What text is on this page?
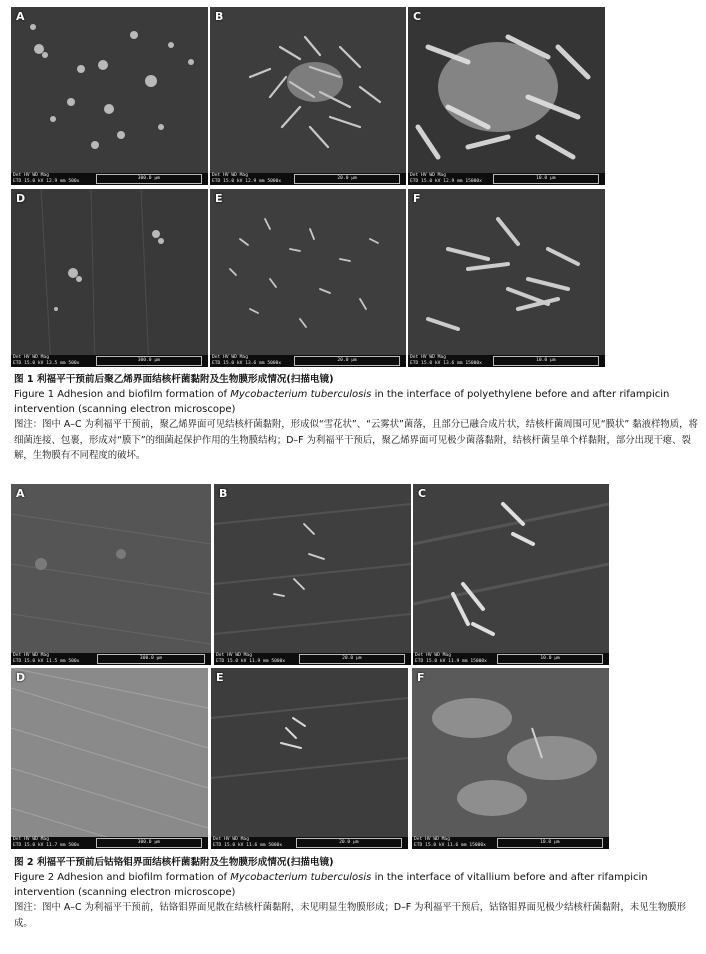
A
Det HV WD Mag
ETD 15.0 kV 12.9 mm 500x
300.0 μm
B
Det HV WD Mag
ETD 15.0 kV 12.9 mm 5000x
20.0 μm
C
Det HV WD Mag
ETD 15.0 kV 12.9 mm 15000x
10.0 μm
D
Det HV WD Mag
ETD 15.0 kV 13.5 mm 500x
300.0 μm
E
Det HV WD Mag
ETD 15.0 kV 13.6 mm 5000x
20.0 μm
F
Det HV WD Mag
ETD 15.0 kV 13.6 mm 15000x
10.0 μm
图 1 利福平干预前后聚乙烯界面结核杆菌黏附及生物膜形成情况(扫描电镜)
Figure 1 Adhesion and biofilm formation of Mycobacterium tuberculosis in the interface of polyethylene before and after rifampicin intervention (scanning electron microscope)
图注：图中 A–C 为利福平干预前，聚乙烯界面可见结核杆菌黏附，形成似“雪花状”、“云雾状”菌落，且部分已融合成片状，结核杆菌周围可见“膜状” 黏液样物质，将细菌连接、包裹，形成对“膜下”的细菌起保护作用的生物膜结构；D–F 为利福平干预后，聚乙烯界面可见极少菌落黏附，结核杆菌呈单个样黏附，部分出现干瘪、裂解，生物膜有不同程度的破坏。
A
Det HV WD Mag
ETD 15.0 kV 11.5 mm 500x
300.0 μm
B
Det HV WD Mag
ETD 15.0 kV 11.9 mm 5000x
20.0 μm
C
Det HV WD Mag
ETD 15.0 kV 11.9 mm 15000x
10.0 μm
D
Det HV WD Mag
ETD 15.0 kV 11.7 mm 500x
300.0 μm
E
Det HV WD Mag
ETD 15.0 kV 11.6 mm 5000x
20.0 μm
F
Det HV WD Mag
ETD 15.0 kV 11.6 mm 15000x
10.0 μm
图 2 利福平干预前后钴铬钼界面结核杆菌黏附及生物膜形成情况(扫描电镜)
Figure 2 Adhesion and biofilm formation of Mycobacterium tuberculosis in the interface of vitallium before and after rifampicin intervention (scanning electron microscope)
图注：图中 A–C 为利福平干预前，钴铬钼界面见散在结核杆菌黏附，未见明显生物膜形成；D–F 为利福平干预后，钴铬钼界面见极少结核杆菌黏附，未见生物膜形成。
